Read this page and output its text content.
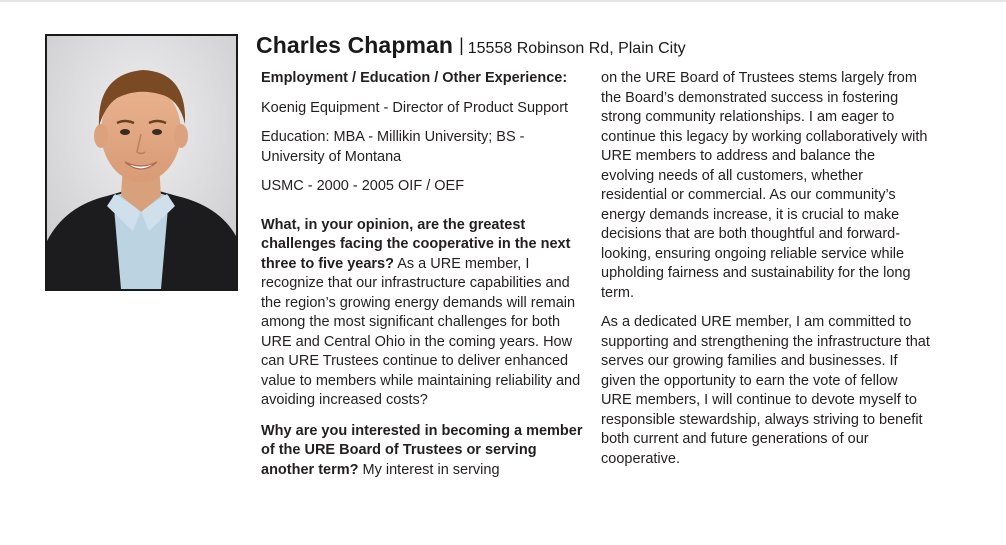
Charles Chapman | 15558 Robinson Rd, Plain City

Employment / Education / Other Experience:

Koenig Equipment - Director of Product Support

Education: MBA - Millikin University; BS - University of Montana

USMC - 2000 - 2005 OIF / OEF

What, in your opinion, are the greatest challenges facing the cooperative in the next three to five years? As a URE member, I recognize that our infrastructure capabilities and the region’s growing energy demands will remain among the most significant challenges for both URE and Central Ohio in the coming years. How can URE Trustees continue to deliver enhanced value to members while maintaining reliability and avoiding increased costs?

Why are you interested in becoming a member of the URE Board of Trustees or serving another term? My interest in serving

on the URE Board of Trustees stems largely from the Board’s demonstrated success in fostering strong community relationships. I am eager to continue this legacy by working collaboratively with URE members to address and balance the evolving needs of all customers, whether residential or commercial. As our community’s energy demands increase, it is crucial to make decisions that are both thoughtful and forward-looking, ensuring ongoing reliable service while upholding fairness and sustainability for the long term.

As a dedicated URE member, I am committed to supporting and strengthening the infrastructure that serves our growing families and businesses. If given the opportunity to earn the vote of fellow URE members, I will continue to devote myself to responsible stewardship, always striving to benefit both current and future generations of our cooperative.
